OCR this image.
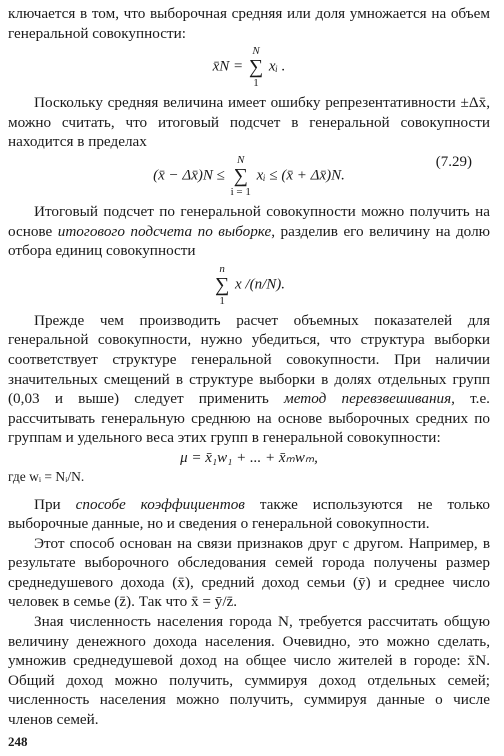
ключается в том, что выборочная средняя или доля умножается на объем генеральной совокупности:

x̄N =
N
∑
1
xᵢ .

Поскольку средняя величина имеет ошибку репрезентативности ±Δx̄, можно считать, что итоговый подсчет в генеральной совокупности находится в пределах

(x̄ − Δx̄)N ≤
N
∑
i = 1
xᵢ ≤ (x̄ + Δx̄)N.
(7.29)

Итоговый подсчет по генеральной совокупности можно получить на основе итогового подсчета по выборке, разделив его величину на долю отбора единиц совокупности

n
∑
1
x /(n/N).

Прежде чем производить расчет объемных показателей для генеральной совокупности, нужно убедиться, что структура выборки соответствует структуре генеральной совокупности. При наличии значительных смещений в структуре выборки в долях отдельных групп (0,03 и выше) следует применить метод перевзвешивания, т.е. рассчитывать генеральную среднюю на основе выборочных средних по группам и удельного веса этих групп в генеральной совокупности:

μ = x̄₁w₁ + ... + x̄ₘwₘ,

где wᵢ = Nᵢ/N.

При способе коэффициентов также используются не только выборочные данные, но и сведения о генеральной совокупности.

Этот способ основан на связи признаков друг с другом. Например, в результате выборочного обследования семей города получены размер среднедушевого дохода (x̄), средний доход семьи (ȳ) и среднее число человек в семье (z̄). Так что x̄ = ȳ/z̄.

Зная численность населения города N, требуется рассчитать общую величину денежного дохода населения. Очевидно, это можно сделать, умножив среднедушевой доход на общее число жителей в городе: x̄N. Общий доход можно получить, суммируя доход отдельных семей; численность населения можно получить, суммируя данные о числе членов семей.

248
